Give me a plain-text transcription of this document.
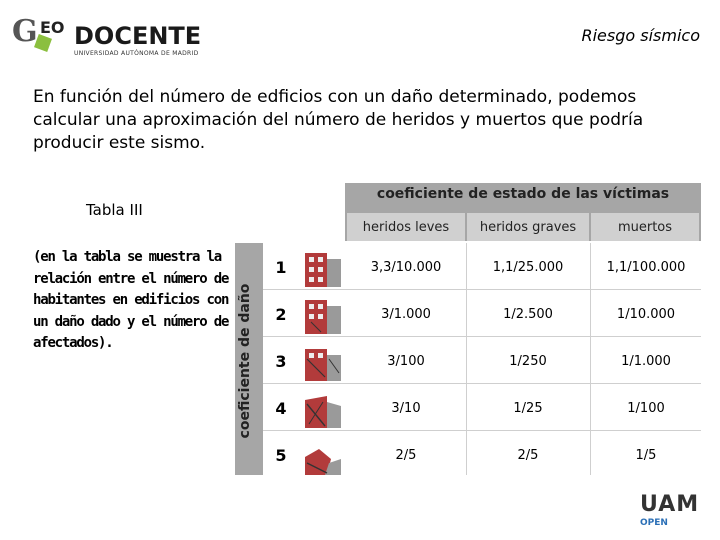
G EO DOCENTE
UNIVERSIDAD AUTÓNOMA DE MADRID
Riesgo sísmico
En función del número de edficios con un daño determinado, podemos calcular una aproximación del número de heridos y muertos que podría producir este sismo.
Tabla III
(en la tabla se muestra la relación entre el número de habitantes en edificios con un daño dado y el número de afectados).
coeficiente de estado de las víctimas
heridos leves	heridos graves	muertos
coeficiente de daño
1	3,3/10.000	1,1/25.000	1,1/100.000
2	3/1.000	1/2.500	1/10.000
3	3/100	1/250	1/1.000
4	3/10	1/25	1/100
5	2/5	2/5	1/5
UAM
OPEN
